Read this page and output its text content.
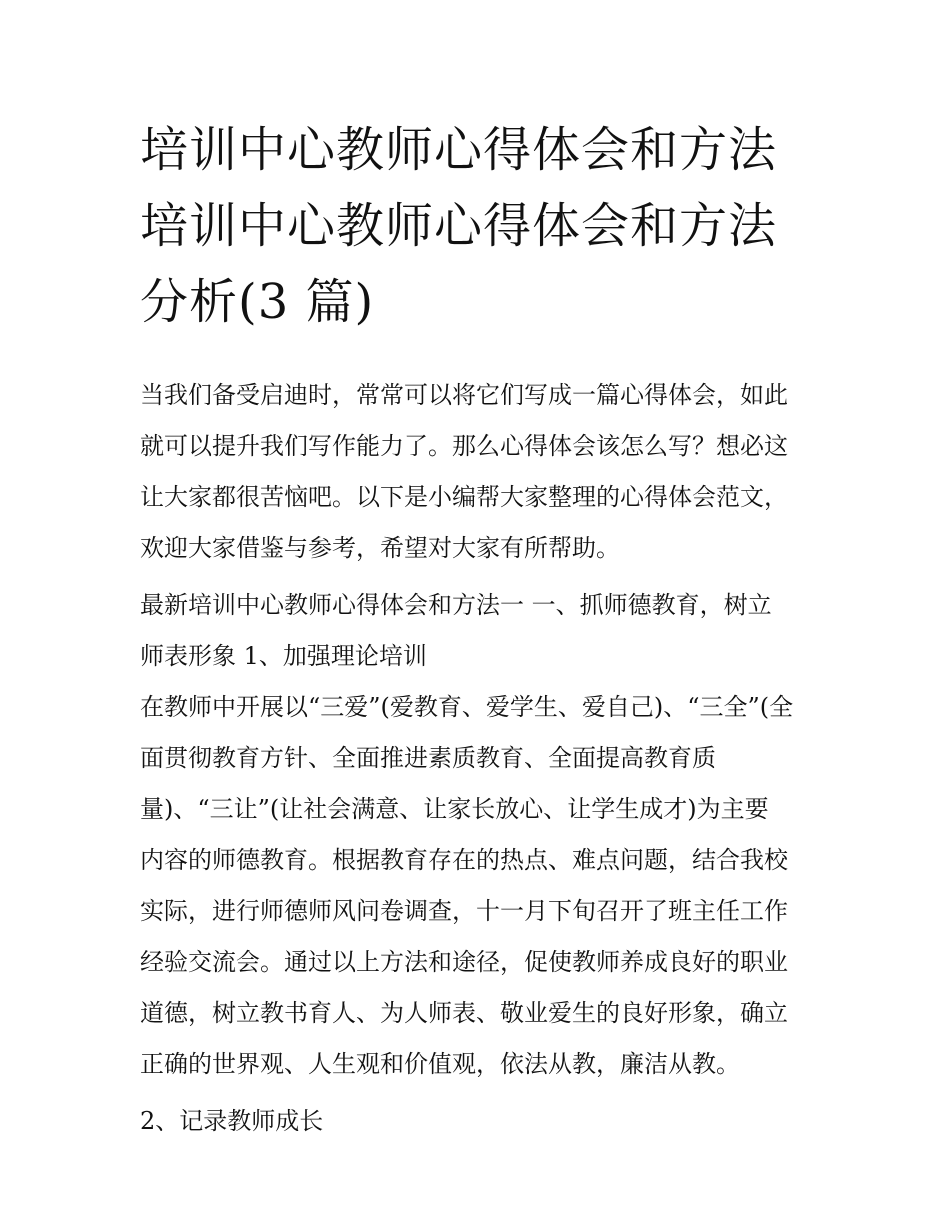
培训中心教师心得体会和方法
培训中心教师心得体会和方法
分析(3 篇)

当我们备受启迪时，常常可以将它们写成一篇心得体会，如此
就可以提升我们写作能力了。那么心得体会该怎么写？想必这
让大家都很苦恼吧。以下是小编帮大家整理的心得体会范文，
欢迎大家借鉴与参考，希望对大家有所帮助。

最新培训中心教师心得体会和方法一 一、抓师德教育，树立
师表形象 1、加强理论培训

在教师中开展以“三爱”(爱教育、爱学生、爱自己)、“三全”(全
面贯彻教育方针、全面推进素质教育、全面提高教育质
量)、“三让”(让社会满意、让家长放心、让学生成才)为主要
内容的师德教育。根据教育存在的热点、难点问题，结合我校
实际，进行师德师风问卷调查，十一月下旬召开了班主任工作
经验交流会。通过以上方法和途径，促使教师养成良好的职业
道德，树立教书育人、为人师表、敬业爱生的良好形象，确立
正确的世界观、人生观和价值观，依法从教，廉洁从教。

2、记录教师成长
